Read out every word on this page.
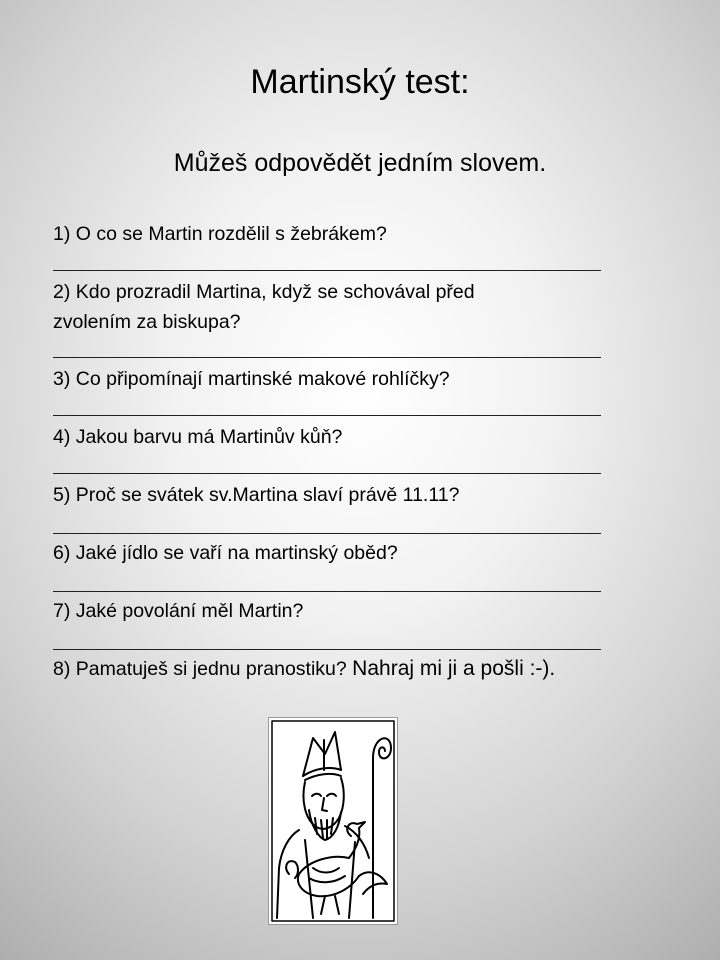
Martinský test:
Můžeš odpovědět jedním slovem.
1) O co se Martin rozdělil s žebrákem?
2) Kdo prozradil Martina, když se schovával před
zvolením za biskupa?
3) Co připomínají martinské makové rohlíčky?
4) Jakou barvu má Martinův kůň?
5) Proč se svátek sv.Martina slaví právě 11.11?
6) Jaké jídlo se vaří na martinský oběd?
7) Jaké povolání měl Martin?
8) Pamatuješ si jednu pranostiku? Nahraj mi ji a pošli :-).
